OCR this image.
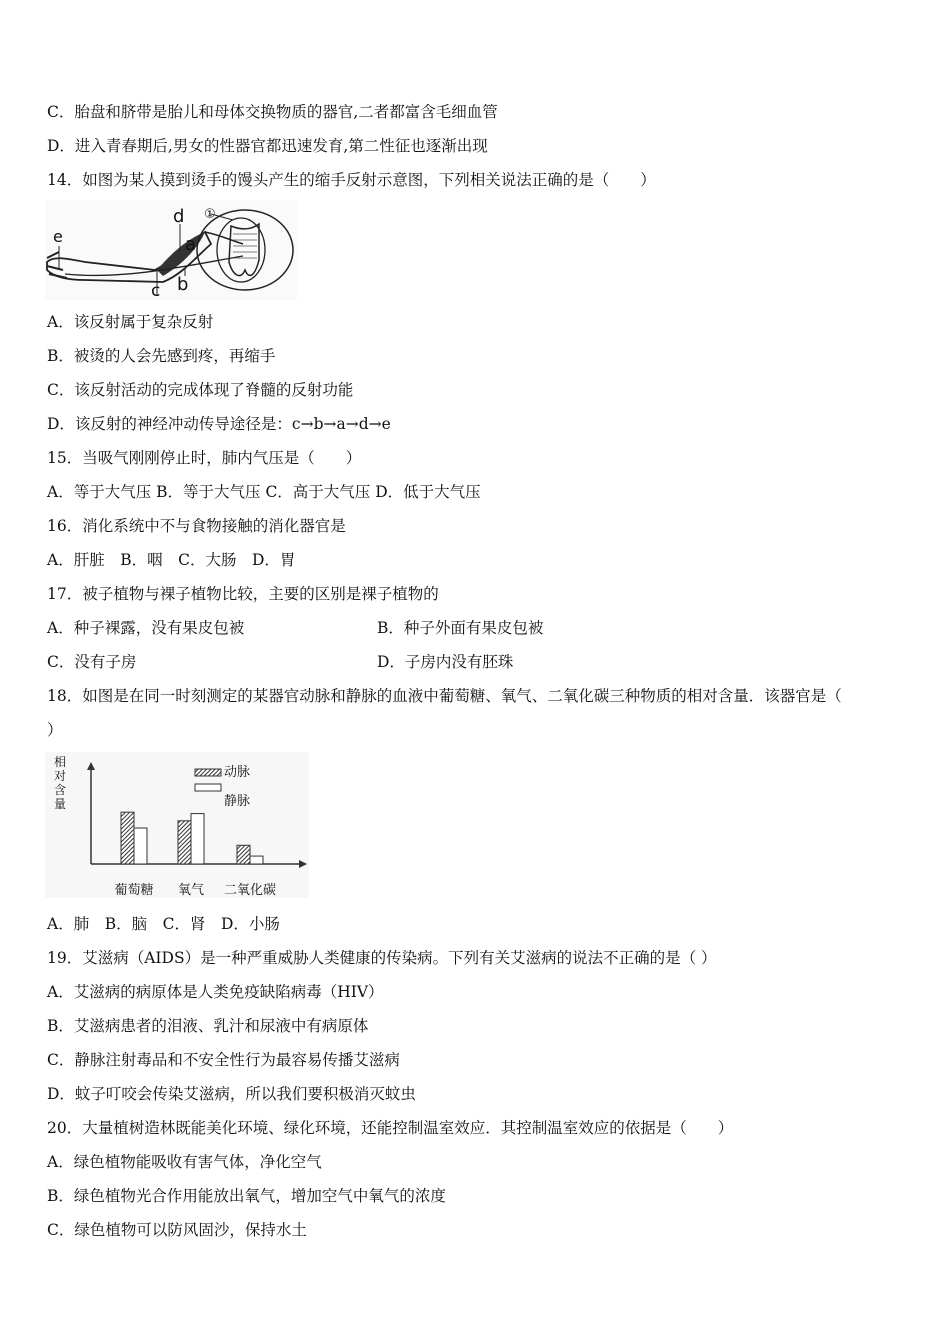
C．胎盘和脐带是胎儿和母体交换物质的器官,二者都富含毛细血管
D．进入青春期后,男女的性器官都迅速发育,第二性征也逐渐出现
14．如图为某人摸到烫手的馒头产生的缩手反射示意图，下列相关说法正确的是（　　）
e
d ①
a
c b
A．该反射属于复杂反射
B．被烫的人会先感到疼，再缩手
C．该反射活动的完成体现了脊髓的反射功能
D．该反射的神经冲动传导途径是：c→b→a→d→e
15．当吸气刚刚停止时，肺内气压是（　　）
A．等于大气压 B．等于大气压 C．高于大气压 D．低于大气压
16．消化系统中不与食物接触的消化器官是
A．肝脏　B．咽　C．大肠　D．胃
17．被子植物与裸子植物比较，主要的区别是裸子植物的
A．种子裸露，没有果皮包被	B．种子外面有果皮包被
C．没有子房	D．子房内没有胚珠
18．如图是在同一时刻测定的某器官动脉和静脉的血液中葡萄糖、氧气、二氧化碳三种物质的相对含量．该器官是（
）
相
对
含
量
葡萄糖 氧气 二氧化碳
动脉
静脉
A．肺　B．脑　C．肾　D．小肠
19．艾滋病（AIDS）是一种严重威胁人类健康的传染病。下列有关艾滋病的说法不正确的是（ ）
A．艾滋病的病原体是人类免疫缺陷病毒（HIV）
B．艾滋病患者的泪液、乳汁和尿液中有病原体
C．静脉注射毒品和不安全性行为最容易传播艾滋病
D．蚊子叮咬会传染艾滋病，所以我们要积极消灭蚊虫
20．大量植树造林既能美化环境、绿化环境，还能控制温室效应．其控制温室效应的依据是（　　）
A．绿色植物能吸收有害气体，净化空气
B．绿色植物光合作用能放出氧气，增加空气中氧气的浓度
C．绿色植物可以防风固沙，保持水土
